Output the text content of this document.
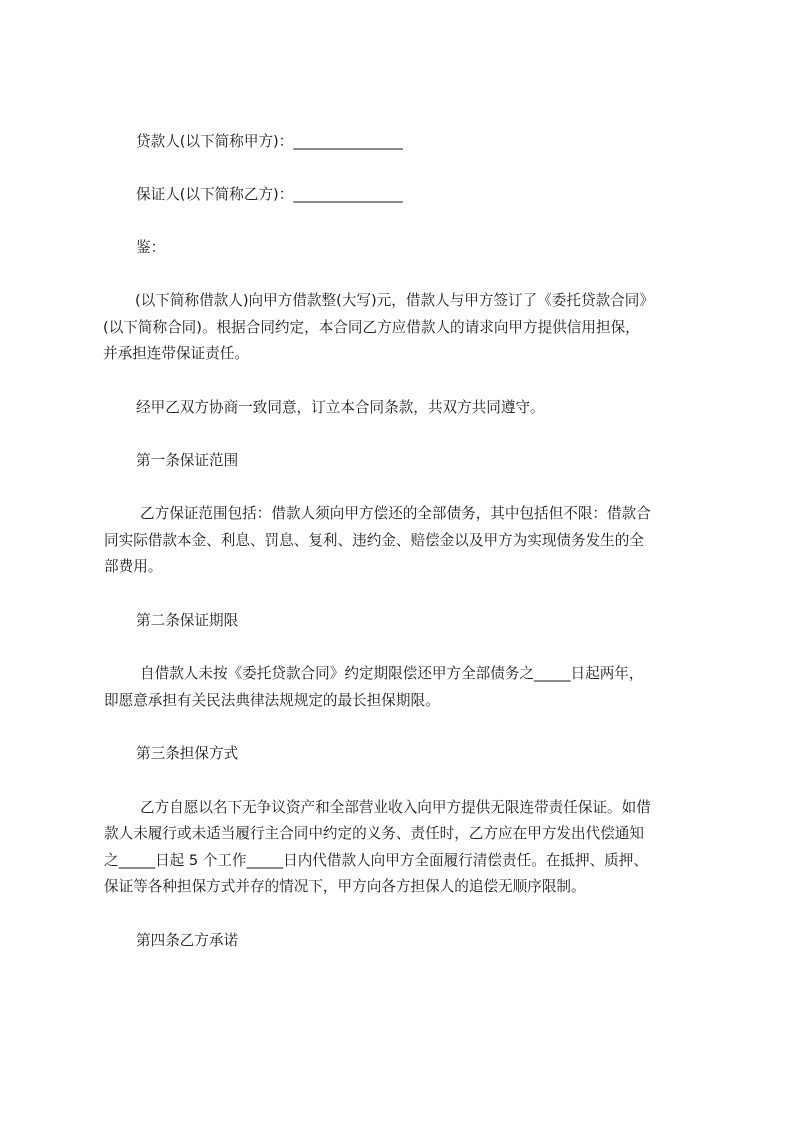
贷款人(以下简称甲方)：_______________
保证人(以下简称乙方)：_______________
鉴：
(以下简称借款人)向甲方借款整(大写)元，借款人与甲方签订了《委托贷款合同》
(以下简称合同)。根据合同约定，本合同乙方应借款人的请求向甲方提供信用担保，
并承担连带保证责任。
经甲乙双方协商一致同意，订立本合同条款，共双方共同遵守。
第一条保证范围
乙方保证范围包括：借款人须向甲方偿还的全部债务，其中包括但不限：借款合
同实际借款本金、利息、罚息、复利、违约金、赔偿金以及甲方为实现债务发生的全
部费用。
第二条保证期限
自借款人未按《委托贷款合同》约定期限偿还甲方全部债务之_____日起两年，
即愿意承担有关民法典律法规规定的最长担保期限。
第三条担保方式
乙方自愿以名下无争议资产和全部营业收入向甲方提供无限连带责任保证。如借
款人未履行或未适当履行主合同中约定的义务、责任时，乙方应在甲方发出代偿通知
之_____日起 5 个工作_____日内代借款人向甲方全面履行清偿责任。在抵押、质押、
保证等各种担保方式并存的情况下，甲方向各方担保人的追偿无顺序限制。
第四条乙方承诺
